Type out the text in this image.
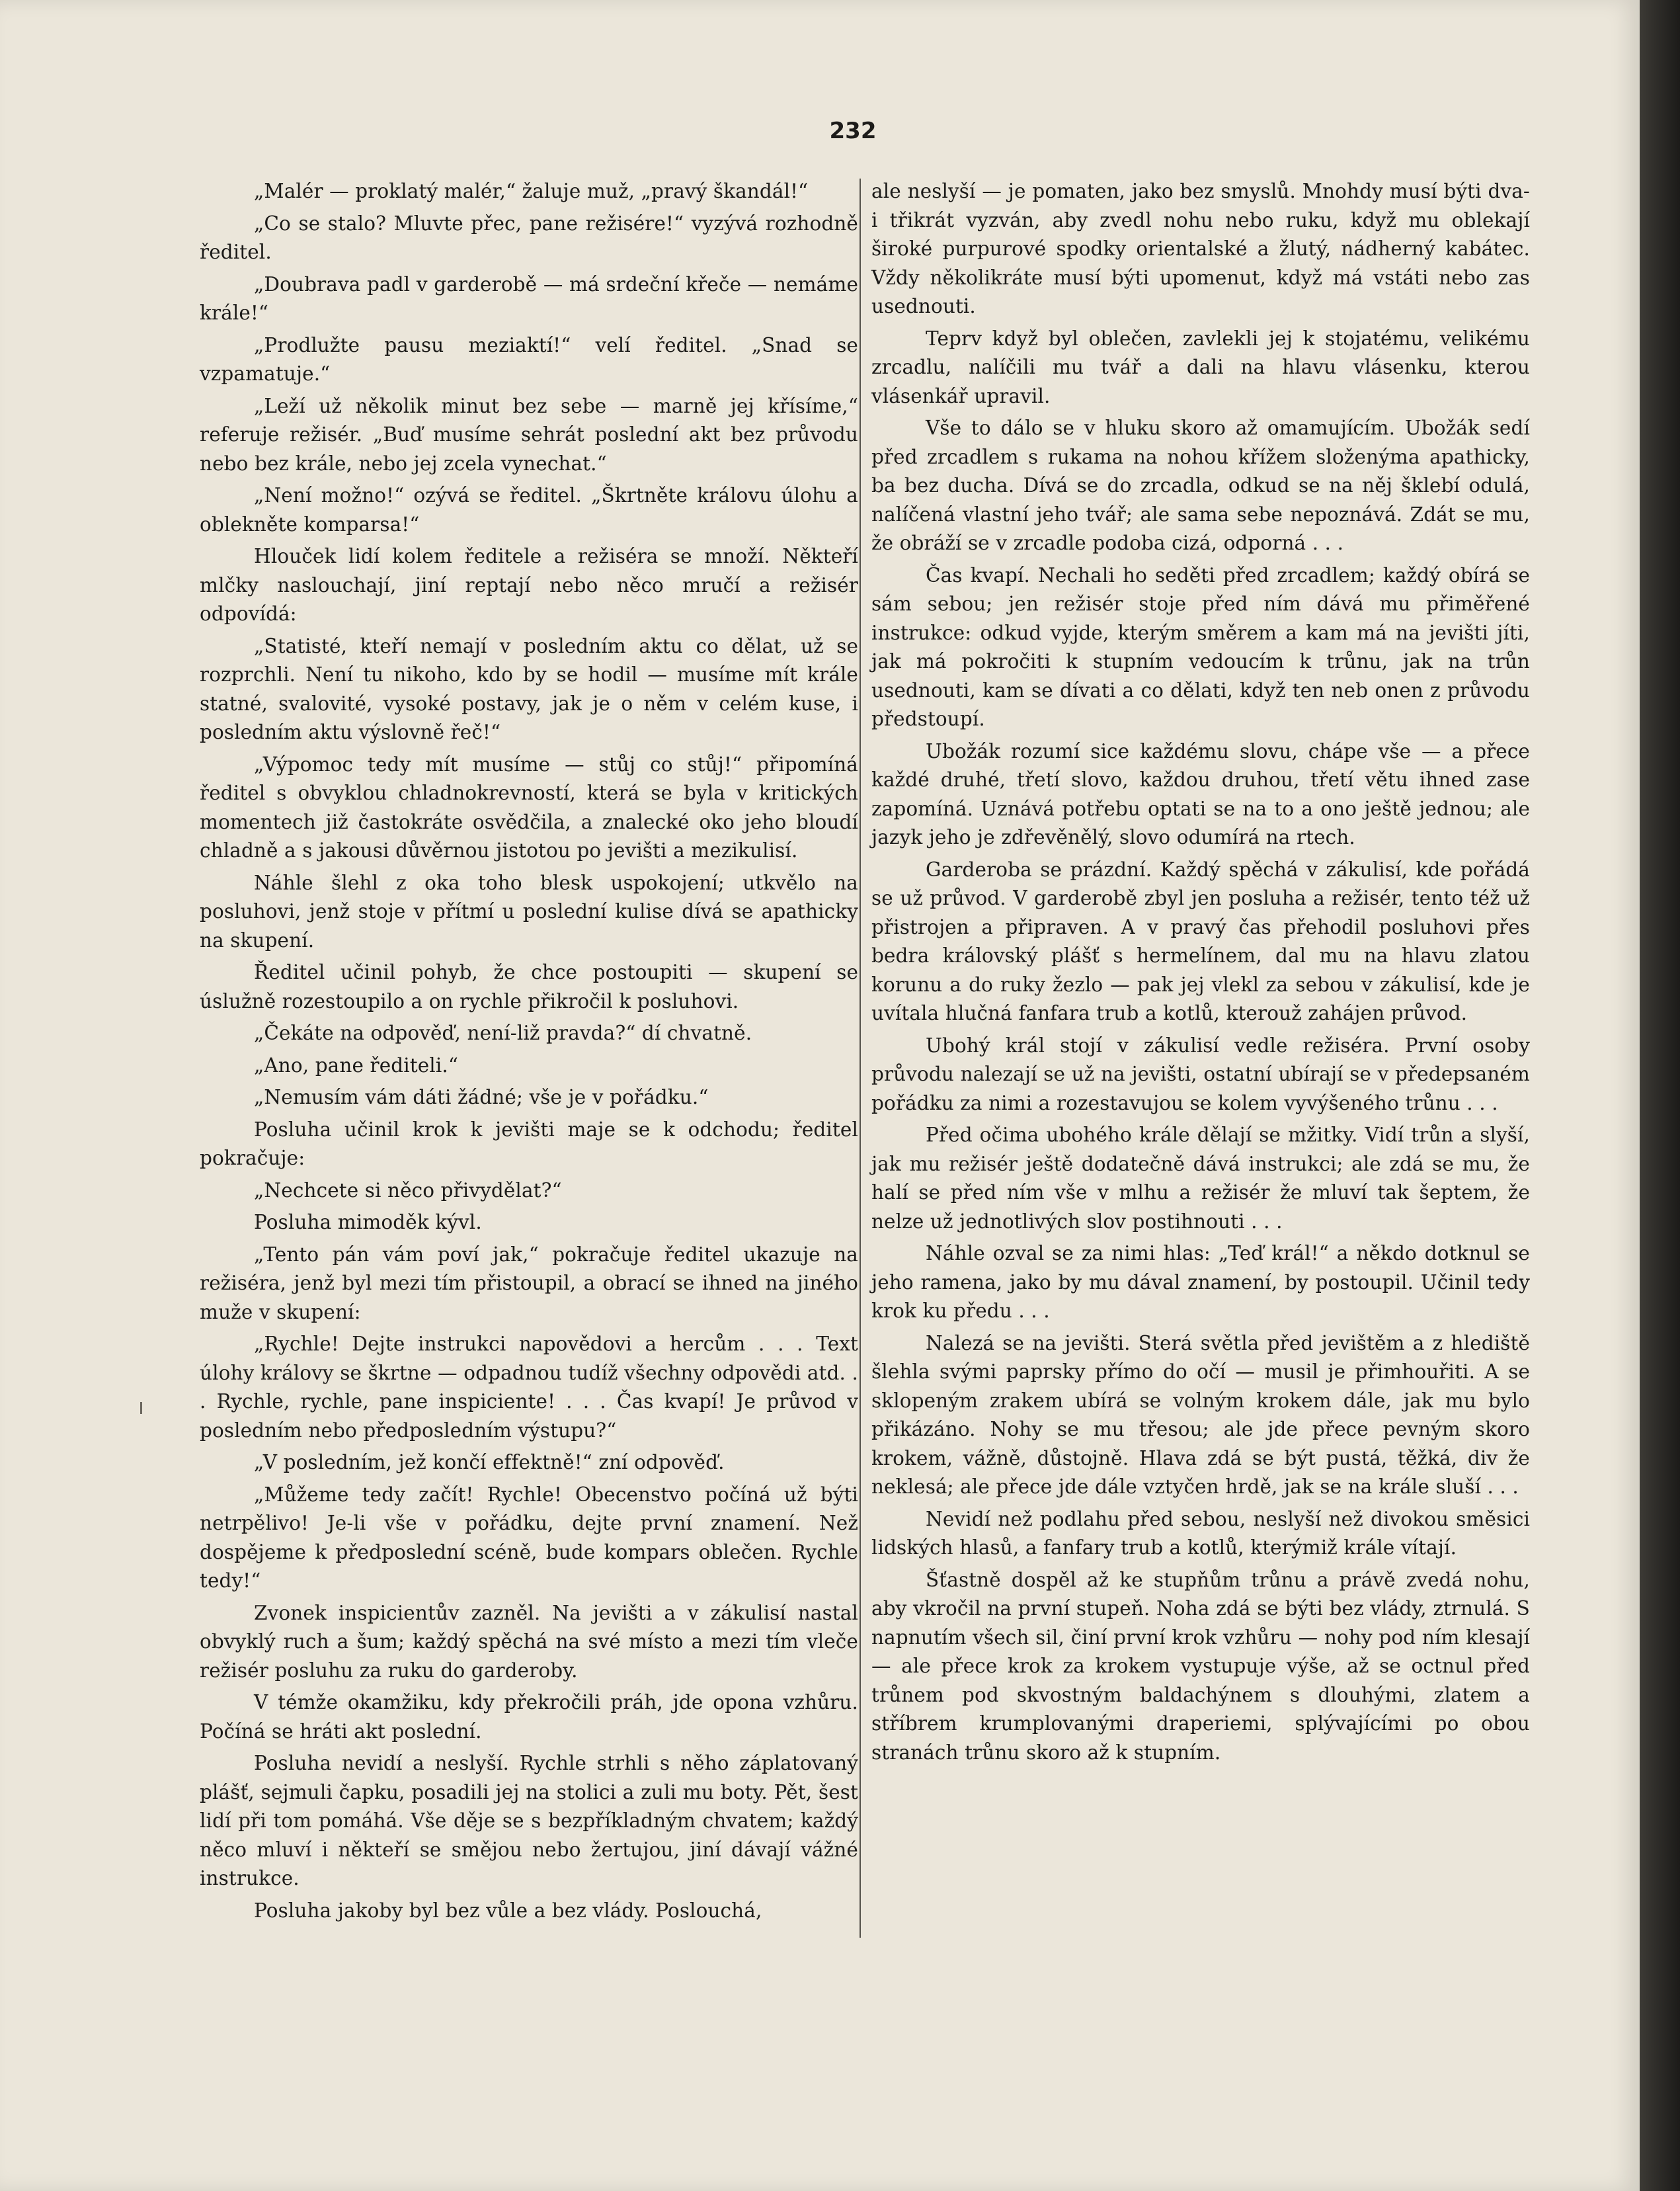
232

„Malér — proklatý malér,“ žaluje muž, „pravý škandál!“

„Co se stalo? Mluvte přec, pane režisére!“ vyzývá rozhodně ředitel.

„Doubrava padl v garderobě — má srdeční křeče — nemáme krále!“

„Prodlužte pausu meziaktí!“ velí ředitel. „Snad se vzpamatuje.“

„Leží už několik minut bez sebe — marně jej křísíme,“ referuje režisér. „Buď musíme sehrát poslední akt bez průvodu nebo bez krále, nebo jej zcela vynechat.“

„Není možno!“ ozývá se ředitel. „Škrtněte královu úlohu a oblekněte komparsa!“

Hlouček lidí kolem ředitele a režiséra se množí. Někteří mlčky naslouchají, jiní reptají nebo něco mručí a režisér odpovídá:

„Statisté, kteří nemají v posledním aktu co dělat, už se rozprchli. Není tu nikoho, kdo by se hodil — musíme mít krále statné, svalovité, vysoké postavy, jak je o něm v celém kuse, i posledním aktu výslovně řeč!“

„Výpomoc tedy mít musíme — stůj co stůj!“ připomíná ředitel s obvyklou chladnokrevností, která se byla v kritických momentech již častokráte osvědčila, a znalecké oko jeho bloudí chladně a s jakousi důvěrnou jistotou po jevišti a mezikulisí.

Náhle šlehl z oka toho blesk uspokojení; utkvělo na posluhovi, jenž stoje v přítmí u poslední kulise dívá se apathicky na skupení.

Ředitel učinil pohyb, že chce postoupiti — skupení se úslužně rozestoupilo a on rychle přikročil k posluhovi.

„Čekáte na odpověď, není-liž pravda?“ dí chvatně.

„Ano, pane řediteli.“

„Nemusím vám dáti žádné; vše je v pořádku.“

Posluha učinil krok k jevišti maje se k odchodu; ředitel pokračuje:

„Nechcete si něco přivydělat?“

Posluha mimoděk kývl.

„Tento pán vám poví jak,“ pokračuje ředitel ukazuje na režiséra, jenž byl mezi tím přistoupil, a obrací se ihned na jiného muže v skupení:

„Rychle! Dejte instrukci napovědovi a hercům . . . Text úlohy královy se škrtne — odpadnou tudíž všechny odpovědi atd. . . Rychle, rychle, pane inspiciente! . . . Čas kvapí! Je průvod v posledním nebo předposledním výstupu?“

„V posledním, jež končí effektně!“ zní odpověď.

„Můžeme tedy začít! Rychle! Obecenstvo počíná už býti netrpělivo! Je-li vše v pořádku, dejte první znamení. Než dospějeme k předposlední scéně, bude kompars oblečen. Rychle tedy!“

Zvonek inspicientův zazněl. Na jevišti a v zákulisí nastal obvyklý ruch a šum; každý spěchá na své místo a mezi tím vleče režisér posluhu za ruku do garderoby.

V témže okamžiku, kdy překročili práh, jde opona vzhůru. Počíná se hráti akt poslední.

Posluha nevidí a neslyší. Rychle strhli s něho záplatovaný plášť, sejmuli čapku, posadili jej na stolici a zuli mu boty. Pět, šest lidí při tom pomáhá. Vše děje se s bezpříkladným chvatem; každý něco mluví i někteří se smějou nebo žertujou, jiní dávají vážné instrukce.

Posluha jakoby byl bez vůle a bez vlády. Poslouchá,

ale neslyší — je pomaten, jako bez smyslů. Mnohdy musí býti dva- i třikrát vyzván, aby zvedl nohu nebo ruku, když mu oblekají široké purpurové spodky orientalské a žlutý, nádherný kabátec. Vždy několikráte musí býti upomenut, když má vstáti nebo zas usednouti.

Teprv když byl oblečen, zavlekli jej k stojatému, velikému zrcadlu, nalíčili mu tvář a dali na hlavu vlásenku, kterou vlásenkář upravil.

Vše to dálo se v hluku skoro až omamujícím. Ubožák sedí před zrcadlem s rukama na nohou křížem složenýma apathicky, ba bez ducha. Dívá se do zrcadla, odkud se na něj šklebí odulá, nalíčená vlastní jeho tvář; ale sama sebe nepoznává. Zdát se mu, že obráží se v zrcadle podoba cizá, odporná . . .

Čas kvapí. Nechali ho seděti před zrcadlem; každý obírá se sám sebou; jen režisér stoje před ním dává mu přiměřené instrukce: odkud vyjde, kterým směrem a kam má na jevišti jíti, jak má pokročiti k stupním vedoucím k trůnu, jak na trůn usednouti, kam se dívati a co dělati, když ten neb onen z průvodu předstoupí.

Ubožák rozumí sice každému slovu, chápe vše — a přece každé druhé, třetí slovo, každou druhou, třetí větu ihned zase zapomíná. Uznává potřebu optati se na to a ono ještě jednou; ale jazyk jeho je zdřevěnělý, slovo odumírá na rtech.

Garderoba se prázdní. Každý spěchá v zákulisí, kde pořádá se už průvod. V garderobě zbyl jen posluha a režisér, tento též už přistrojen a připraven. A v pravý čas přehodil posluhovi přes bedra královský plášť s hermelínem, dal mu na hlavu zlatou korunu a do ruky žezlo — pak jej vlekl za sebou v zákulisí, kde je uvítala hlučná fanfara trub a kotlů, kterouž zahájen průvod.

Ubohý král stojí v zákulisí vedle režiséra. První osoby průvodu nalezají se už na jevišti, ostatní ubírají se v předepsaném pořádku za nimi a rozestavujou se kolem vyvýšeného trůnu . . .

Před očima ubohého krále dělají se mžitky. Vidí trůn a slyší, jak mu režisér ještě dodatečně dává instrukci; ale zdá se mu, že halí se před ním vše v mlhu a režisér že mluví tak šeptem, že nelze už jednotlivých slov postihnouti . . .

Náhle ozval se za nimi hlas: „Teď král!“ a někdo dotknul se jeho ramena, jako by mu dával znamení, by postoupil. Učinil tedy krok ku předu . . .

Nalezá se na jevišti. Sterá světla před jevištěm a z hlediště šlehla svými paprsky přímo do očí — musil je přimhouřiti. A se sklopeným zrakem ubírá se volným krokem dále, jak mu bylo přikázáno. Nohy se mu třesou; ale jde přece pevným skoro krokem, vážně, důstojně. Hlava zdá se být pustá, těžká, div že neklesá; ale přece jde dále vztyčen hrdě, jak se na krále sluší . . .

Nevidí než podlahu před sebou, neslyší než divokou směsici lidských hlasů, a fanfary trub a kotlů, kterýmiž krále vítají.

Šťastně dospěl až ke stupňům trůnu a právě zvedá nohu, aby vkročil na první stupeň. Noha zdá se býti bez vlády, ztrnulá. S napnutím všech sil, činí první krok vzhůru — nohy pod ním klesají — ale přece krok za krokem vystupuje výše, až se octnul před trůnem pod skvostným baldachýnem s dlouhými, zlatem a stříbrem krumplovanými draperiemi, splývajícími po obou stranách trůnu skoro až k stupním.
